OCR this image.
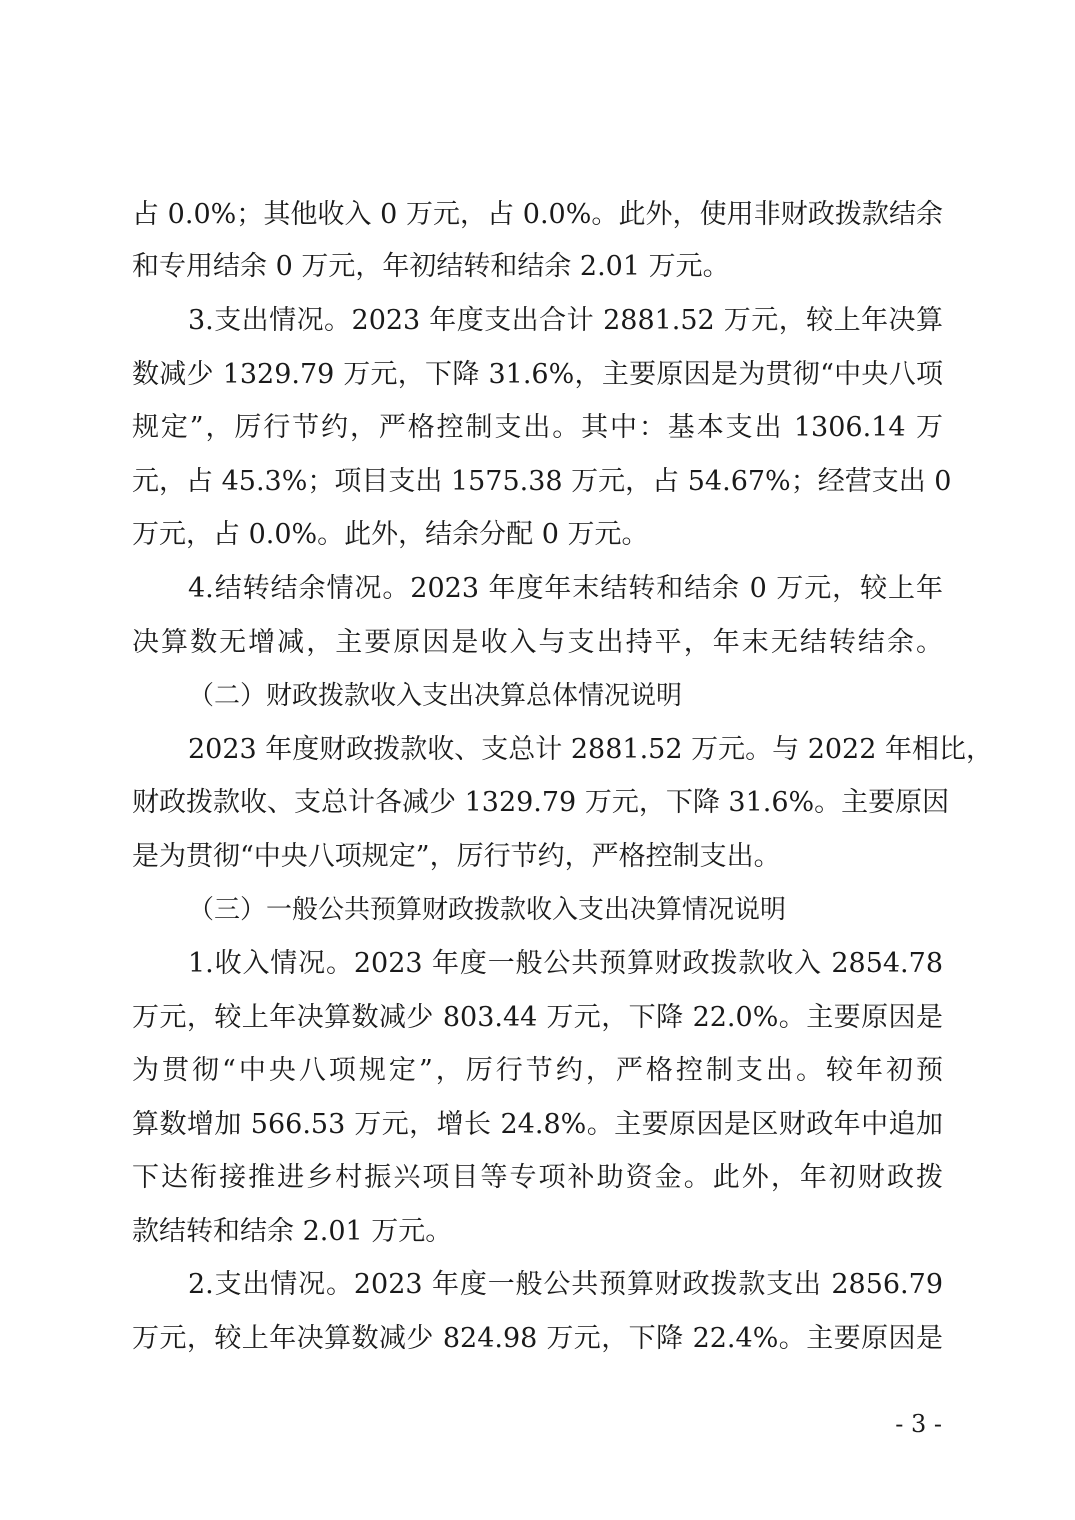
占 0.0%；其他收入 0 万元，占 0.0%。此外，使用非财政拨款结余
和专用结余 0 万元，年初结转和结余 2.01 万元。
3.支出情况。2023 年度支出合计 2881.52 万元，较上年决算
数减少 1329.79 万元，下降 31.6%，主要原因是为贯彻“中央八项
规定”，厉行节约，严格控制支出。其中：基本支出 1306.14 万
元，占 45.3%；项目支出 1575.38 万元，占 54.67%；经营支出 0
万元，占 0.0%。此外，结余分配 0 万元。
4.结转结余情况。2023 年度年末结转和结余 0 万元，较上年
决算数无增减，主要原因是收入与支出持平，年末无结转结余。
（二）财政拨款收入支出决算总体情况说明
2023 年度财政拨款收、支总计 2881.52 万元。与 2022 年相比，
财政拨款收、支总计各减少 1329.79 万元，下降 31.6%。主要原因
是为贯彻“中央八项规定”，厉行节约，严格控制支出。
（三）一般公共预算财政拨款收入支出决算情况说明
1.收入情况。2023 年度一般公共预算财政拨款收入 2854.78
万元，较上年决算数减少 803.44 万元，下降 22.0%。主要原因是
为贯彻“中央八项规定”，厉行节约，严格控制支出。较年初预
算数增加 566.53 万元，增长 24.8%。主要原因是区财政年中追加
下达衔接推进乡村振兴项目等专项补助资金。此外，年初财政拨
款结转和结余 2.01 万元。
2.支出情况。2023 年度一般公共预算财政拨款支出 2856.79
万元，较上年决算数减少 824.98 万元，下降 22.4%。主要原因是
- 3 -
